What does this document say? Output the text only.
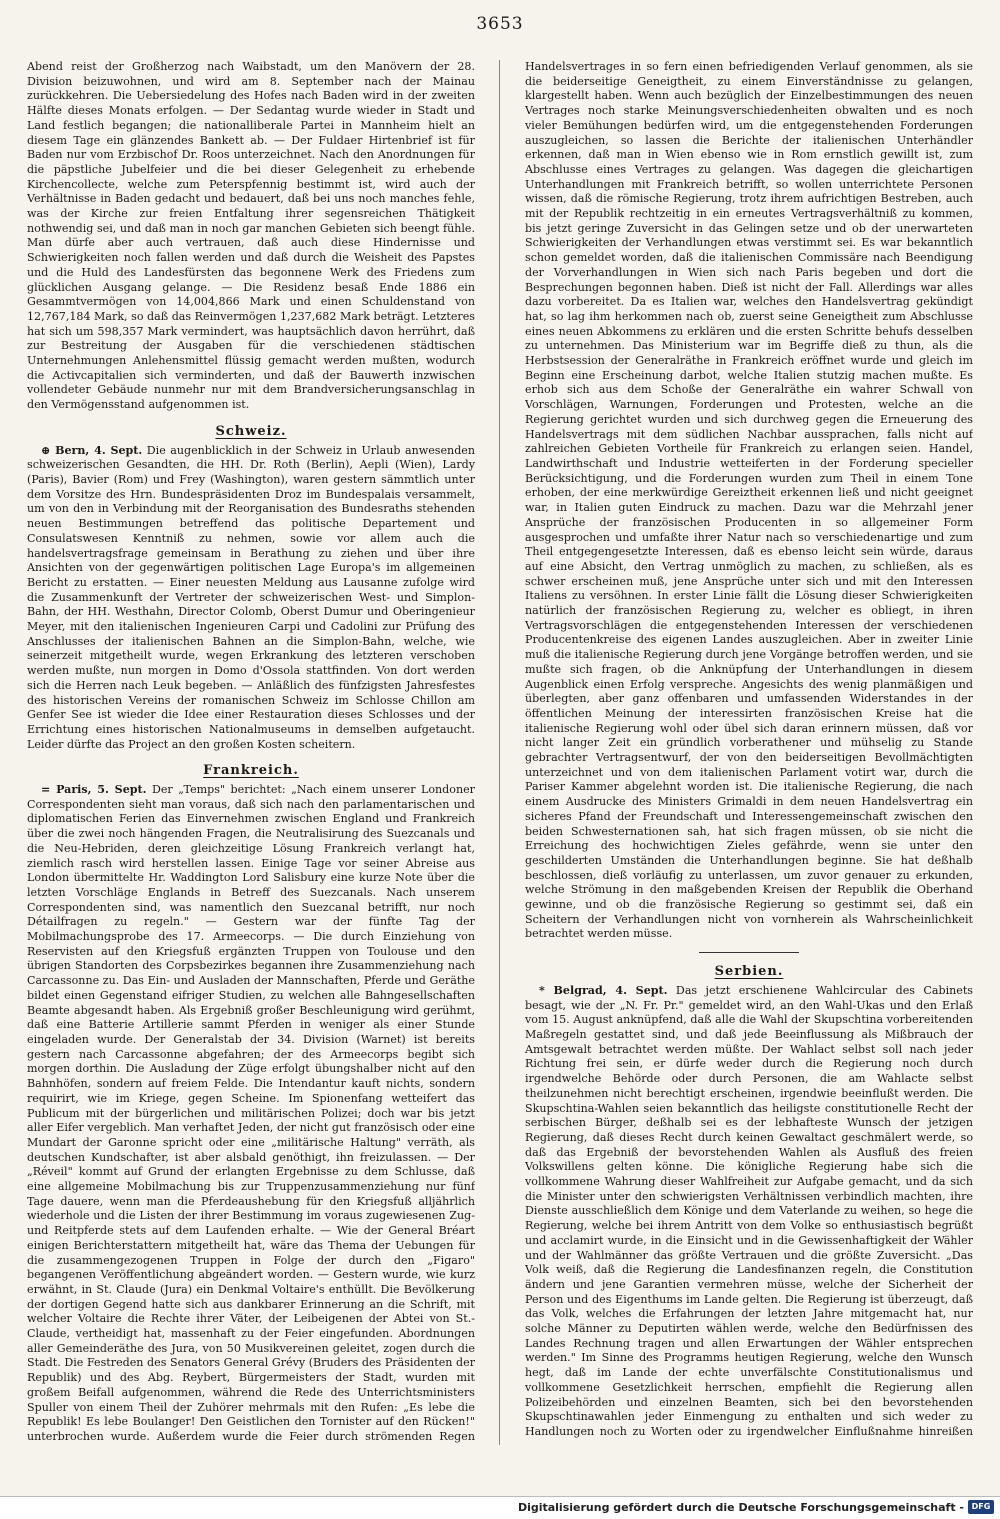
3653

Abend reist der Großherzog nach Waibstadt, um den Manövern der 28. Division beizuwohnen, und wird am 8. September nach der Mainau zurückkehren. Die Uebersiedelung des Hofes nach Baden wird in der zweiten Hälfte dieses Monats erfolgen. — Der Sedantag wurde wieder in Stadt und Land festlich begangen; die nationalliberale Partei in Mannheim hielt an diesem Tage ein glänzendes Bankett ab. — Der Fuldaer Hirtenbrief ist für Baden nur vom Erzbischof Dr. Roos unterzeichnet. Nach den Anordnungen für die päpstliche Jubelfeier und die bei dieser Gelegenheit zu erhebende Kirchencollecte, welche zum Peterspfennig bestimmt ist, wird auch der Verhältnisse in Baden gedacht und bedauert, daß bei uns noch manches fehle, was der Kirche zur freien Entfaltung ihrer segensreichen Thätigkeit nothwendig sei, und daß man in noch gar manchen Gebieten sich beengt fühle. Man dürfe aber auch vertrauen, daß auch diese Hindernisse und Schwierigkeiten noch fallen werden und daß durch die Weisheit des Papstes und die Huld des Landesfürsten das begonnene Werk des Friedens zum glücklichen Ausgang gelange. — Die Residenz besaß Ende 1886 ein Gesammtvermögen von 14,004,866 Mark und einen Schuldenstand von 12,767,184 Mark, so daß das Reinvermögen 1,237,682 Mark beträgt. Letzteres hat sich um 598,357 Mark vermindert, was hauptsächlich davon herrührt, daß zur Bestreitung der Ausgaben für die verschiedenen städtischen Unternehmungen Anlehensmittel flüssig gemacht werden mußten, wodurch die Activcapitalien sich verminderten, und daß der Bauwerth inzwischen vollendeter Gebäude nunmehr nur mit dem Brandversicherungsanschlag in den Vermögensstand aufgenommen ist.

Schweiz.

⊕ Bern, 4. Sept. Die augenblicklich in der Schweiz in Urlaub anwesenden schweizerischen Gesandten, die HH. Dr. Roth (Berlin), Aepli (Wien), Lardy (Paris), Bavier (Rom) und Frey (Washington), waren gestern sämmtlich unter dem Vorsitze des Hrn. Bundespräsidenten Droz im Bundespalais versammelt, um von den in Verbindung mit der Reorganisation des Bundesraths stehenden neuen Bestimmungen betreffend das politische Departement und Consulatswesen Kenntniß zu nehmen, sowie vor allem auch die handelsvertragsfrage gemeinsam in Berathung zu ziehen und über ihre Ansichten von der gegenwärtigen politischen Lage Europa's im allgemeinen Bericht zu erstatten. — Einer neuesten Meldung aus Lausanne zufolge wird die Zusammenkunft der Vertreter der schweizerischen West- und Simplon-Bahn, der HH. Westhahn, Director Colomb, Oberst Dumur und Oberingenieur Meyer, mit den italienischen Ingenieuren Carpi und Cadolini zur Prüfung des Anschlusses der italienischen Bahnen an die Simplon-Bahn, welche, wie seinerzeit mitgetheilt wurde, wegen Erkrankung des letzteren verschoben werden mußte, nun morgen in Domo d'Ossola stattfinden. Von dort werden sich die Herren nach Leuk begeben. — Anläßlich des fünfzigsten Jahresfestes des historischen Vereins der romanischen Schweiz im Schlosse Chillon am Genfer See ist wieder die Idee einer Restauration dieses Schlosses und der Errichtung eines historischen Nationalmuseums in demselben aufgetaucht. Leider dürfte das Project an den großen Kosten scheitern.

Frankreich.

= Paris, 5. Sept. Der „Temps" berichtet: „Nach einem unserer Londoner Correspondenten sieht man voraus, daß sich nach den parlamentarischen und diplomatischen Ferien das Einvernehmen zwischen England und Frankreich über die zwei noch hängenden Fragen, die Neutralisirung des Suezcanals und die Neu-Hebriden, deren gleichzeitige Lösung Frankreich verlangt hat, ziemlich rasch wird herstellen lassen. Einige Tage vor seiner Abreise aus London übermittelte Hr. Waddington Lord Salisbury eine kurze Note über die letzten Vorschläge Englands in Betreff des Suezcanals. Nach unserem Correspondenten sind, was namentlich den Suezcanal betrifft, nur noch Détailfragen zu regeln." — Gestern war der fünfte Tag der Mobilmachungsprobe des 17. Armeecorps. — Die durch Einziehung von Reservisten auf den Kriegsfuß ergänzten Truppen von Toulouse und den übrigen Standorten des Corpsbezirkes begannen ihre Zusammenziehung nach Carcassonne zu. Das Ein- und Ausladen der Mannschaften, Pferde und Geräthe bildet einen Gegenstand eifriger Studien, zu welchen alle Bahngesellschaften Beamte abgesandt haben. Als Ergebniß großer Beschleunigung wird gerühmt, daß eine Batterie Artillerie sammt Pferden in weniger als einer Stunde eingeladen wurde. Der Generalstab der 34. Division (Warnet) ist bereits gestern nach Carcassonne abgefahren; der des Armeecorps begibt sich morgen dorthin. Die Ausladung der Züge erfolgt übungshalber nicht auf den Bahnhöfen, sondern auf freiem Felde. Die Intendantur kauft nichts, sondern requirirt, wie im Kriege, gegen Scheine. Im Spionenfang wetteifert das Publicum mit der bürgerlichen und militärischen Polizei; doch war bis jetzt aller Eifer vergeblich. Man verhaftet Jeden, der nicht gut französisch oder eine Mundart der Garonne spricht oder eine „militärische Haltung" verräth, als deutschen Kundschafter, ist aber alsbald genöthigt, ihn freizulassen. — Der „Réveil" kommt auf Grund der erlangten Ergebnisse zu dem Schlusse, daß eine allgemeine Mobilmachung bis zur Truppenzusammenziehung nur fünf Tage dauere, wenn man die Pferdeaushebung für den Kriegsfuß alljährlich wiederhole und die Listen der ihrer Bestimmung im voraus zugewiesenen Zug- und Reitpferde stets auf dem Laufenden erhalte. — Wie der General Bréart einigen Berichterstattern mitgetheilt hat, wäre das Thema der Uebungen für die zusammengezogenen Truppen in Folge der durch den „Figaro" begangenen Veröffentlichung abgeändert worden. — Gestern wurde, wie kurz erwähnt, in St. Claude (Jura) ein Denkmal Voltaire's enthüllt. Die Bevölkerung der dortigen Gegend hatte sich aus dankbarer Erinnerung an die Schrift, mit welcher Voltaire die Rechte ihrer Väter, der Leibeigenen der Abtei von St.-Claude, vertheidigt hat, massenhaft zu der Feier eingefunden. Abordnungen aller Gemeinderäthe des Jura, von 50 Musikvereinen geleitet, zogen durch die Stadt. Die Festreden des Senators General Grévy (Bruders des Präsidenten der Republik) und des Abg. Reybert, Bürgermeisters der Stadt, wurden mit großem Beifall aufgenommen, während die Rede des Unterrichtsministers Spuller von einem Theil der Zuhörer mehrmals mit den Rufen: „Es lebe die Republik! Es lebe Boulanger! Den Geistlichen den Tornister auf den Rücken!" unterbrochen wurde. Außerdem wurde die Feier durch strömenden Regen

Handelsvertrages in so fern einen befriedigenden Verlauf genommen, als sie die beiderseitige Geneigtheit, zu einem Einverständnisse zu gelangen, klargestellt haben. Wenn auch bezüglich der Einzelbestimmungen des neuen Vertrages noch starke Meinungsverschiedenheiten obwalten und es noch vieler Bemühungen bedürfen wird, um die entgegenstehenden Forderungen auszugleichen, so lassen die Berichte der italienischen Unterhändler erkennen, daß man in Wien ebenso wie in Rom ernstlich gewillt ist, zum Abschlusse eines Vertrages zu gelangen. Was dagegen die gleichartigen Unterhandlungen mit Frankreich betrifft, so wollen unterrichtete Personen wissen, daß die römische Regierung, trotz ihrem aufrichtigen Bestreben, auch mit der Republik rechtzeitig in ein erneutes Vertragsverhältniß zu kommen, bis jetzt geringe Zuversicht in das Gelingen setze und ob der unerwarteten Schwierigkeiten der Verhandlungen etwas verstimmt sei. Es war bekanntlich schon gemeldet worden, daß die italienischen Commissäre nach Beendigung der Vorverhandlungen in Wien sich nach Paris begeben und dort die Besprechungen begonnen haben. Dieß ist nicht der Fall. Allerdings war alles dazu vorbereitet. Da es Italien war, welches den Handelsvertrag gekündigt hat, so lag ihm herkommen nach ob, zuerst seine Geneigtheit zum Abschlusse eines neuen Abkommens zu erklären und die ersten Schritte behufs desselben zu unternehmen. Das Ministerium war im Begriffe dieß zu thun, als die Herbstsession der Generalräthe in Frankreich eröffnet wurde und gleich im Beginn eine Erscheinung darbot, welche Italien stutzig machen mußte. Es erhob sich aus dem Schoße der Generalräthe ein wahrer Schwall von Vorschlägen, Warnungen, Forderungen und Protesten, welche an die Regierung gerichtet wurden und sich durchweg gegen die Erneuerung des Handelsvertrags mit dem südlichen Nachbar aussprachen, falls nicht auf zahlreichen Gebieten Vortheile für Frankreich zu erlangen seien. Handel, Landwirthschaft und Industrie wetteiferten in der Forderung specieller Berücksichtigung, und die Forderungen wurden zum Theil in einem Tone erhoben, der eine merkwürdige Gereiztheit erkennen ließ und nicht geeignet war, in Italien guten Eindruck zu machen. Dazu war die Mehrzahl jener Ansprüche der französischen Producenten in so allgemeiner Form ausgesprochen und umfaßte ihrer Natur nach so verschiedenartige und zum Theil entgegengesetzte Interessen, daß es ebenso leicht sein würde, daraus auf eine Absicht, den Vertrag unmöglich zu machen, zu schließen, als es schwer erscheinen muß, jene Ansprüche unter sich und mit den Interessen Italiens zu versöhnen. In erster Linie fällt die Lösung dieser Schwierigkeiten natürlich der französischen Regierung zu, welcher es obliegt, in ihren Vertragsvorschlägen die entgegenstehenden Interessen der verschiedenen Producentenkreise des eigenen Landes auszugleichen. Aber in zweiter Linie muß die italienische Regierung durch jene Vorgänge betroffen werden, und sie mußte sich fragen, ob die Anknüpfung der Unterhandlungen in diesem Augenblick einen Erfolg verspreche. Angesichts des wenig planmäßigen und überlegten, aber ganz offenbaren und umfassenden Widerstandes in der öffentlichen Meinung der interessirten französischen Kreise hat die italienische Regierung wohl oder übel sich daran erinnern müssen, daß vor nicht langer Zeit ein gründlich vorberathener und mühselig zu Stande gebrachter Vertragsentwurf, der von den beiderseitigen Bevollmächtigten unterzeichnet und von dem italienischen Parlament votirt war, durch die Pariser Kammer abgelehnt worden ist. Die italienische Regierung, die nach einem Ausdrucke des Ministers Grimaldi in dem neuen Handelsvertrag ein sicheres Pfand der Freundschaft und Interessengemeinschaft zwischen den beiden Schwesternationen sah, hat sich fragen müssen, ob sie nicht die Erreichung des hochwichtigen Zieles gefährde, wenn sie unter den geschilderten Umständen die Unterhandlungen beginne. Sie hat deßhalb beschlossen, dieß vorläufig zu unterlassen, um zuvor genauer zu erkunden, welche Strömung in den maßgebenden Kreisen der Republik die Oberhand gewinne, und ob die französische Regierung so gestimmt sei, daß ein Scheitern der Verhandlungen nicht von vornherein als Wahrscheinlichkeit betrachtet werden müsse.

Serbien.

* Belgrad, 4. Sept. Das jetzt erschienene Wahlcircular des Cabinets besagt, wie der „N. Fr. Pr." gemeldet wird, an den Wahl-Ukas und den Erlaß vom 15. August anknüpfend, daß alle die Wahl der Skupschtina vorbereitenden Maßregeln gestattet sind, und daß jede Beeinflussung als Mißbrauch der Amtsgewalt betrachtet werden müßte. Der Wahlact selbst soll nach jeder Richtung frei sein, er dürfe weder durch die Regierung noch durch irgendwelche Behörde oder durch Personen, die am Wahlacte selbst theilzunehmen nicht berechtigt erscheinen, irgendwie beeinflußt werden. Die Skupschtina-Wahlen seien bekanntlich das heiligste constitutionelle Recht der serbischen Bürger, deßhalb sei es der lebhafteste Wunsch der jetzigen Regierung, daß dieses Recht durch keinen Gewaltact geschmälert werde, so daß das Ergebniß der bevorstehenden Wahlen als Ausfluß des freien Volkswillens gelten könne. Die königliche Regierung habe sich die vollkommene Wahrung dieser Wahlfreiheit zur Aufgabe gemacht, und da sich die Minister unter den schwierigsten Verhältnissen verbindlich machten, ihre Dienste ausschließlich dem Könige und dem Vaterlande zu weihen, so hege die Regierung, welche bei ihrem Antritt von dem Volke so enthusiastisch begrüßt und acclamirt wurde, in die Einsicht und in die Gewissenhaftigkeit der Wähler und der Wahlmänner das größte Vertrauen und die größte Zuversicht. „Das Volk weiß, daß die Regierung die Landesfinanzen regeln, die Constitution ändern und jene Garantien vermehren müsse, welche der Sicherheit der Person und des Eigenthums im Lande gelten. Die Regierung ist überzeugt, daß das Volk, welches die Erfahrungen der letzten Jahre mitgemacht hat, nur solche Männer zu Deputirten wählen werde, welche den Bedürfnissen des Landes Rechnung tragen und allen Erwartungen der Wähler entsprechen werden." Im Sinne des Programms heutigen Regierung, welche den Wunsch hegt, daß im Lande der echte unverfälschte Constitutionalismus und vollkommene Gesetzlichkeit herrschen, empfiehlt die Regierung allen Polizeibehörden und einzelnen Beamten, sich bei den bevorstehenden Skupschtinawahlen jeder Einmengung zu enthalten und sich weder zu Handlungen noch zu Worten oder zu irgendwelcher Einflußnahme hinreißen

Digitalisierung gefördert durch die Deutsche Forschungsgemeinschaft - DFG
